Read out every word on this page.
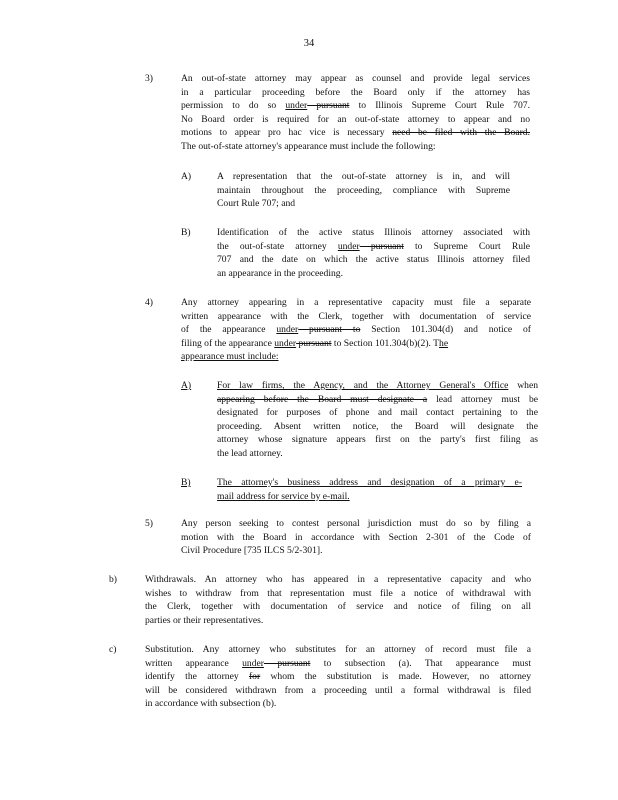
34
3)	An out-of-state attorney may appear as counsel and provide legal services
in a particular proceeding before the Board only if the attorney has
permission to do so under pursuant to Illinois Supreme Court Rule 707.
No Board order is required for an out-of-state attorney to appear and no
motions to appear pro hac vice is necessary need be filed with the Board.
The out-of-state attorney's appearance must include the following:
A)	A representation that the out-of-state attorney is in, and will
maintain throughout the proceeding, compliance with Supreme
Court Rule 707; and
B)	Identification of the active status Illinois attorney associated with
the out-of-state attorney under pursuant to Supreme Court Rule
707 and the date on which the active status Illinois attorney filed
an appearance in the proceeding.
4)	Any attorney appearing in a representative capacity must file a separate
written appearance with the Clerk, together with documentation of service
of the appearance under pursuant to Section 101.304(d) and notice of
filing of the appearance under pursuant to Section 101.304(b)(2). The
appearance must include:
A)	For law firms, the Agency, and the Attorney General's Office when
appearing before the Board must designate a lead attorney must be
designated for purposes of phone and mail contact pertaining to the
proceeding. Absent written notice, the Board will designate the
attorney whose signature appears first on the party's first filing as
the lead attorney.
B)	The attorney's business address and designation of a primary e-
mail address for service by e-mail.
5)	Any person seeking to contest personal jurisdiction must do so by filing a
motion with the Board in accordance with Section 2-301 of the Code of
Civil Procedure [735 ILCS 5/2-301].
b)	Withdrawals. An attorney who has appeared in a representative capacity and who
wishes to withdraw from that representation must file a notice of withdrawal with
the Clerk, together with documentation of service and notice of filing on all
parties or their representatives.
c)	Substitution. Any attorney who substitutes for an attorney of record must file a
written appearance under pursuant to subsection (a). That appearance must
identify the attorney for whom the substitution is made. However, no attorney
will be considered withdrawn from a proceeding until a formal withdrawal is filed
in accordance with subsection (b).
